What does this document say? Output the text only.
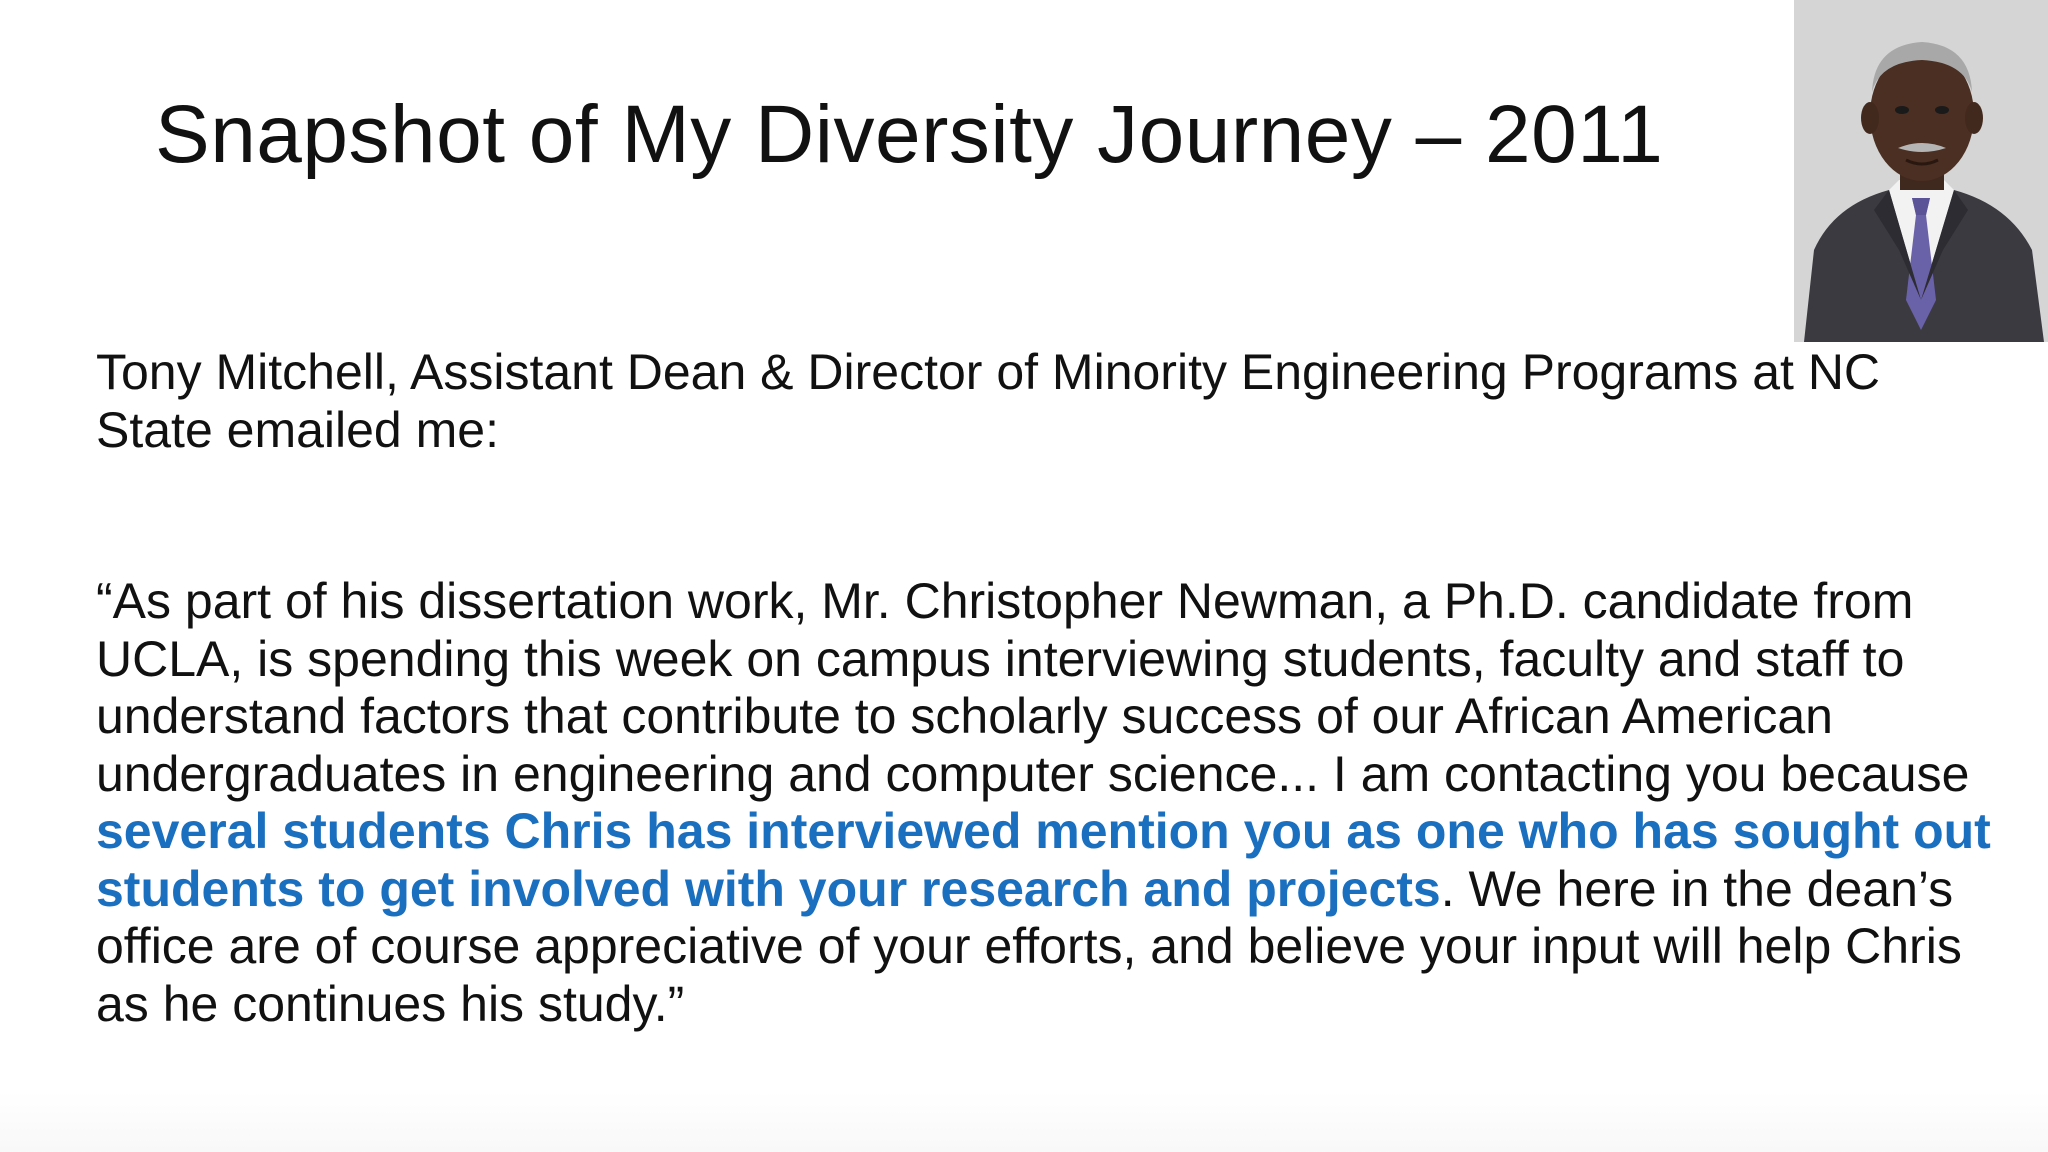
Snapshot of My Diversity Journey – 2011

Tony Mitchell, Assistant Dean & Director of Minority Engineering Programs at NC State emailed me:

“As part of his dissertation work, Mr. Christopher Newman, a Ph.D. candidate from UCLA, is spending this week on campus interviewing students, faculty and staff to understand factors that contribute to scholarly success of our African American undergraduates in engineering and computer science... I am contacting you because several students Chris has interviewed mention you as one who has sought out students to get involved with your research and projects. We here in the dean’s office are of course appreciative of your efforts, and believe your input will help Chris as he continues his study.”
